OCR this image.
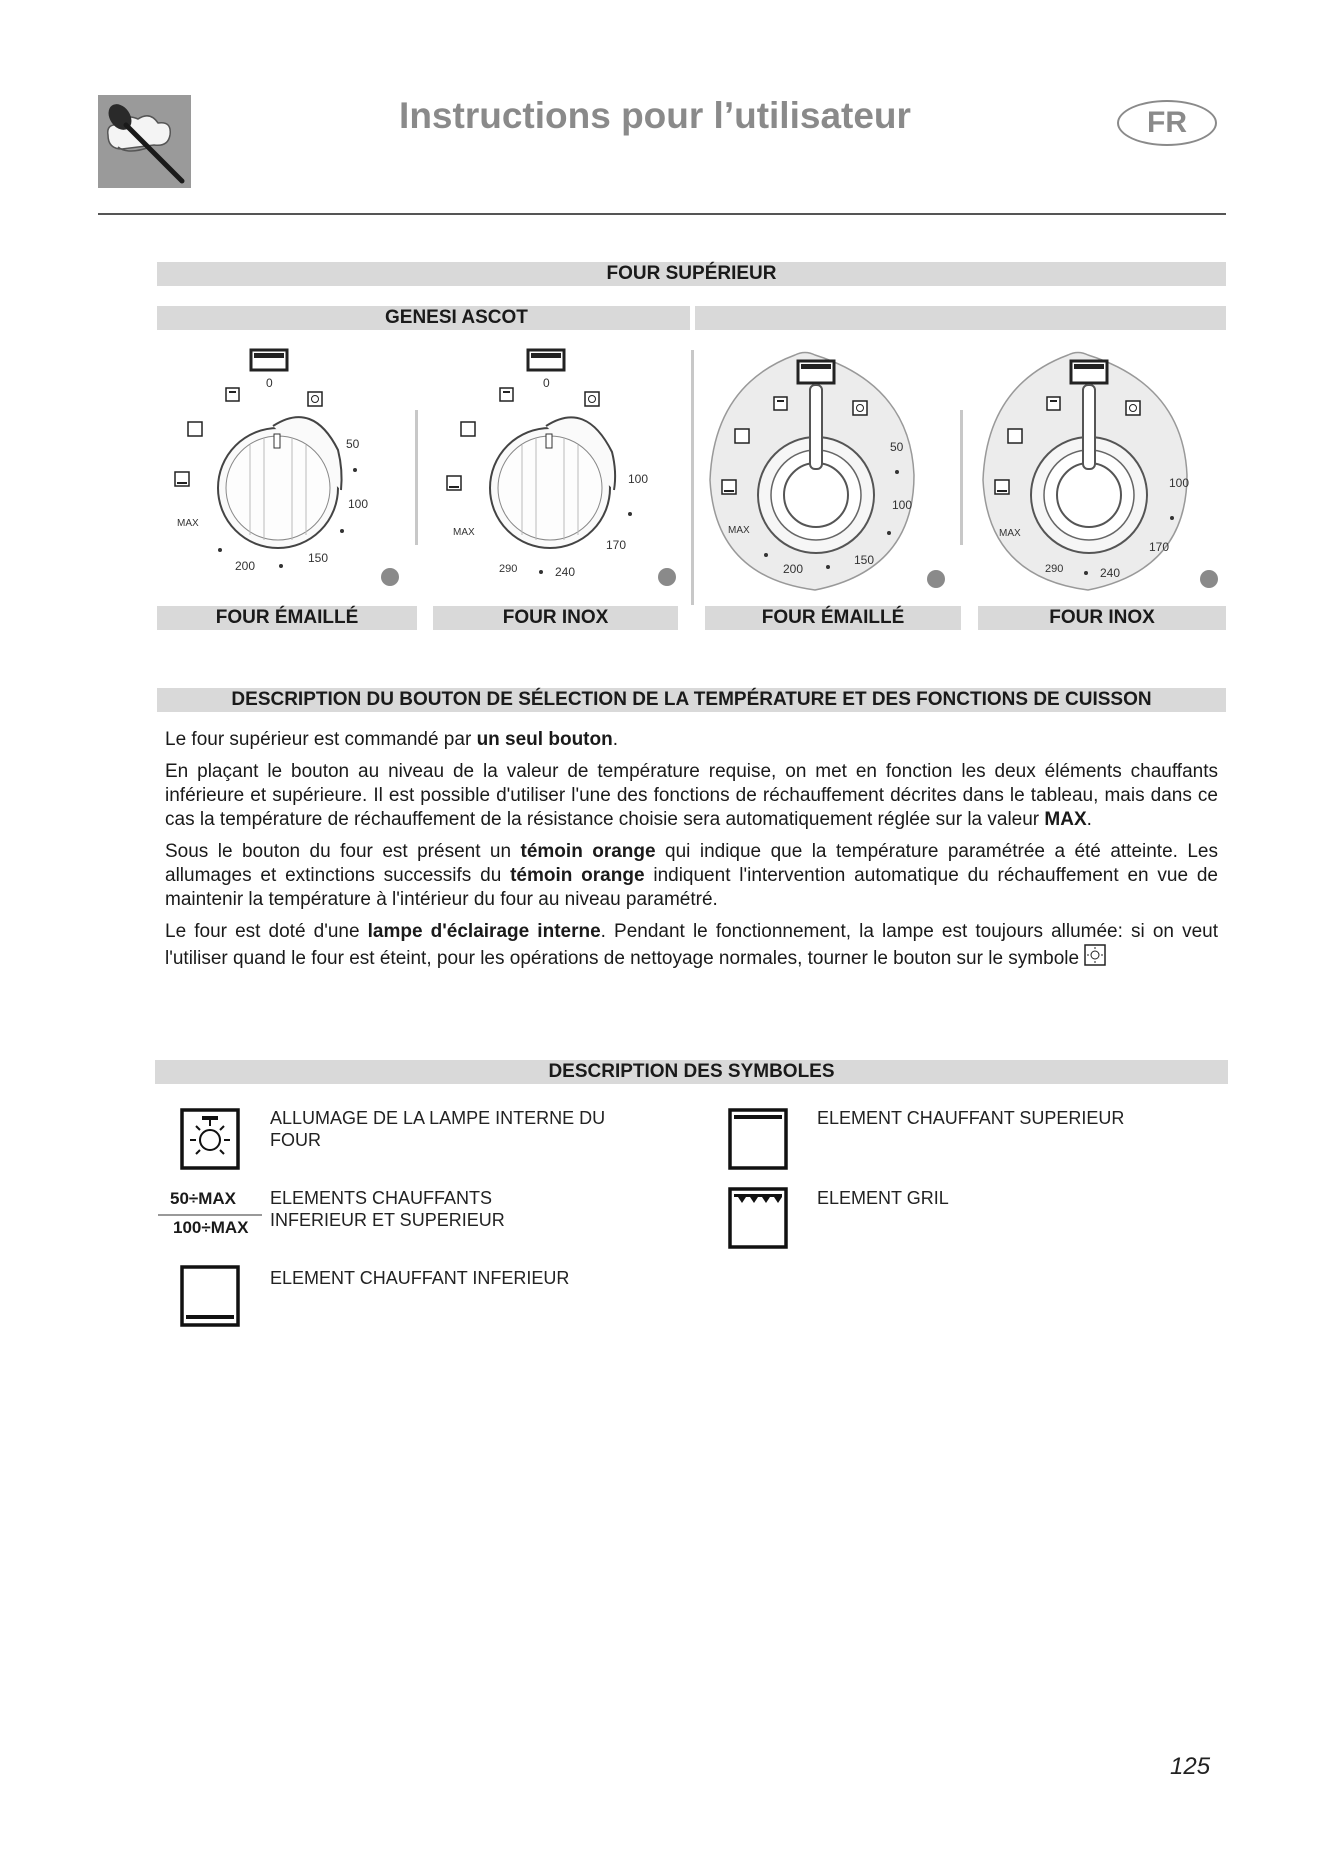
Instructions pour l’utilisateur	FR
FOUR SUPÉRIEUR
GENESI ASCOT
0
50
100
150
200
MAX
0
100
170
240
290
MAX
50
100
150
200
MAX
100
170
240
290
MAX
FOUR ÉMAILLÉ	FOUR INOX	FOUR ÉMAILLÉ	FOUR INOX
DESCRIPTION DU BOUTON DE SÉLECTION DE LA TEMPÉRATURE ET DES FONCTIONS DE CUISSON

Le four supérieur est commandé par un seul bouton.

En plaçant le bouton au niveau de la valeur de température requise, on met en fonction les deux éléments chauffants inférieure et supérieure. Il est possible d'utiliser l'une des fonctions de réchauffement décrites dans le tableau, mais dans ce cas la température de réchauffement de la résistance choisie sera automatiquement réglée sur la valeur MAX.

Sous le bouton du four est présent un témoin orange qui indique que la température paramétrée a été atteinte. Les allumages et extinctions successifs du témoin orange indiquent l'intervention automatique du réchauffement en vue de maintenir la température à l'intérieur du four au niveau paramétré.

Le four est doté d'une lampe d'éclairage interne. Pendant le fonctionnement, la lampe est toujours allumée: si on veut l'utiliser quand le four est éteint, pour les opérations de nettoyage normales, tourner le bouton sur le symbole

DESCRIPTION DES SYMBOLES
ALLUMAGE DE LA LAMPE INTERNE DU FOUR
50÷MAX
100÷MAX
ELEMENTS CHAUFFANTS INFERIEUR ET SUPERIEUR
ELEMENT CHAUFFANT INFERIEUR
ELEMENT CHAUFFANT SUPERIEUR
ELEMENT GRIL
125
